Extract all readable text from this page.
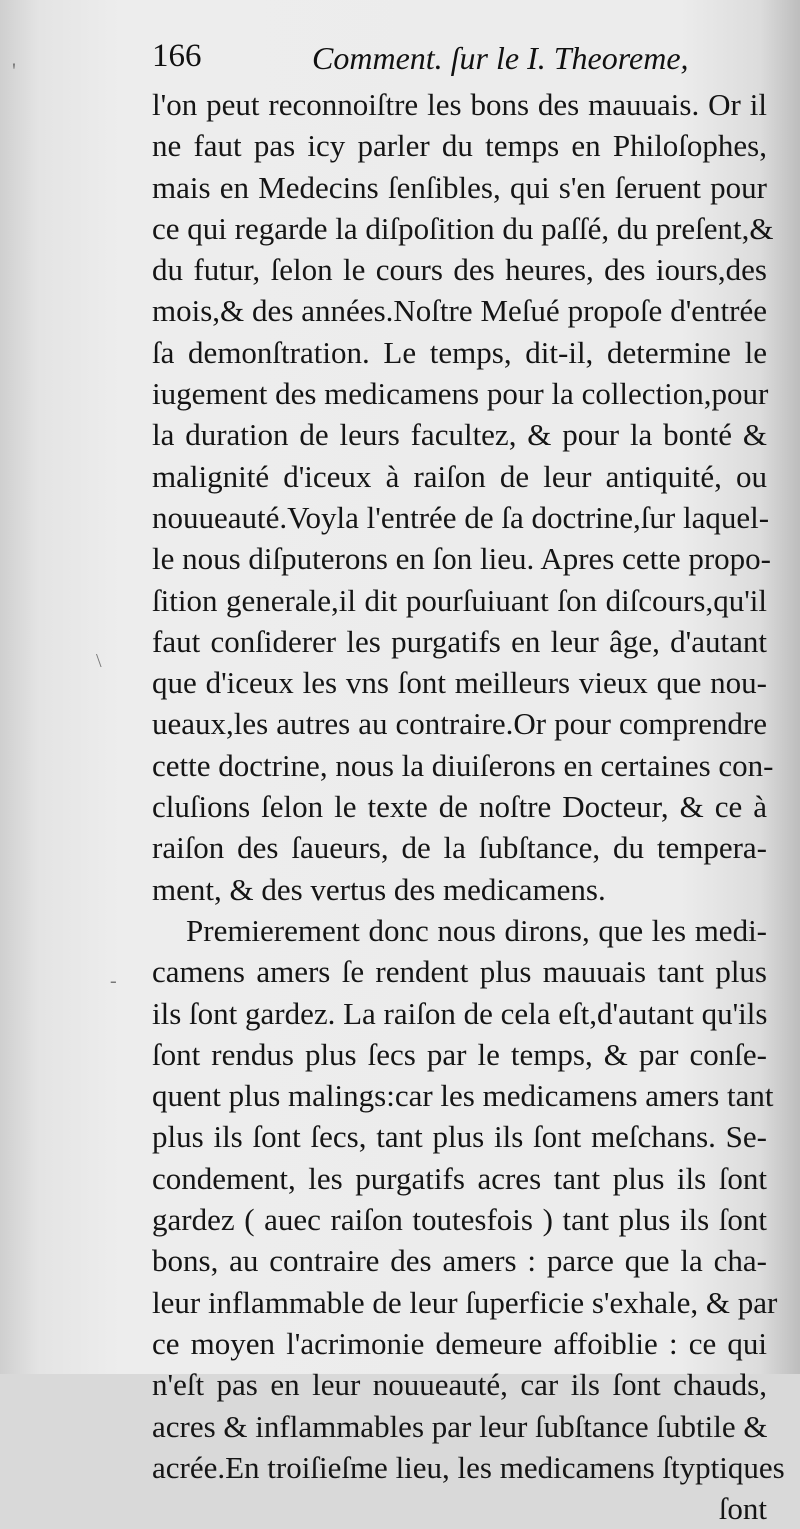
166	Comment. ſur le I. Theoreme,
l'on peut reconnoiſtre les bons des mauuais. Or il
ne faut pas icy parler du temps en Philoſophes,
mais en Medecins ſenſibles, qui s'en ſeruent pour
ce qui regarde la diſpoſition du paſſé, du preſent,&
du futur, ſelon le cours des heures, des iours,des
mois,& des années.Noſtre Meſué propoſe d'entrée
ſa demonſtration. Le temps, dit-il, determine le
iugement des medicamens pour la collection,pour
la duration de leurs facultez, & pour la bonté &
malignité d'iceux à raiſon de leur antiquité, ou
nouueauté.Voyla l'entrée de ſa doctrine,ſur laquel-
le nous diſputerons en ſon lieu. Apres cette propo-
ſition generale,il dit pourſuiuant ſon diſcours,qu'il
faut conſiderer les purgatifs en leur âge, d'autant
que d'iceux les vns ſont meilleurs vieux que nou-
ueaux,les autres au contraire.Or pour comprendre
cette doctrine, nous la diuiſerons en certaines con-
cluſions ſelon le texte de noſtre Docteur, & ce à
raiſon des ſaueurs, de la ſubſtance, du tempera-
ment, & des vertus des medicamens.
Premierement donc nous dirons, que les medi-
camens amers ſe rendent plus mauuais tant plus
ils ſont gardez. La raiſon de cela eſt,d'autant qu'ils
ſont rendus plus ſecs par le temps, & par conſe-
quent plus malings:car les medicamens amers tant
plus ils ſont ſecs, tant plus ils ſont meſchans. Se-
condement, les purgatifs acres tant plus ils ſont
gardez ( auec raiſon toutesfois ) tant plus ils ſont
bons, au contraire des amers : parce que la cha-
leur inflammable de leur ſuperficie s'exhale, & par
ce moyen l'acrimonie demeure affoiblie : ce qui
n'eſt pas en leur nouueauté, car ils ſont chauds,
acres & inflammables par leur ſubſtance ſubtile &
acrée.En troiſieſme lieu, les medicamens ſtyptiques
ſont
'
\
-
